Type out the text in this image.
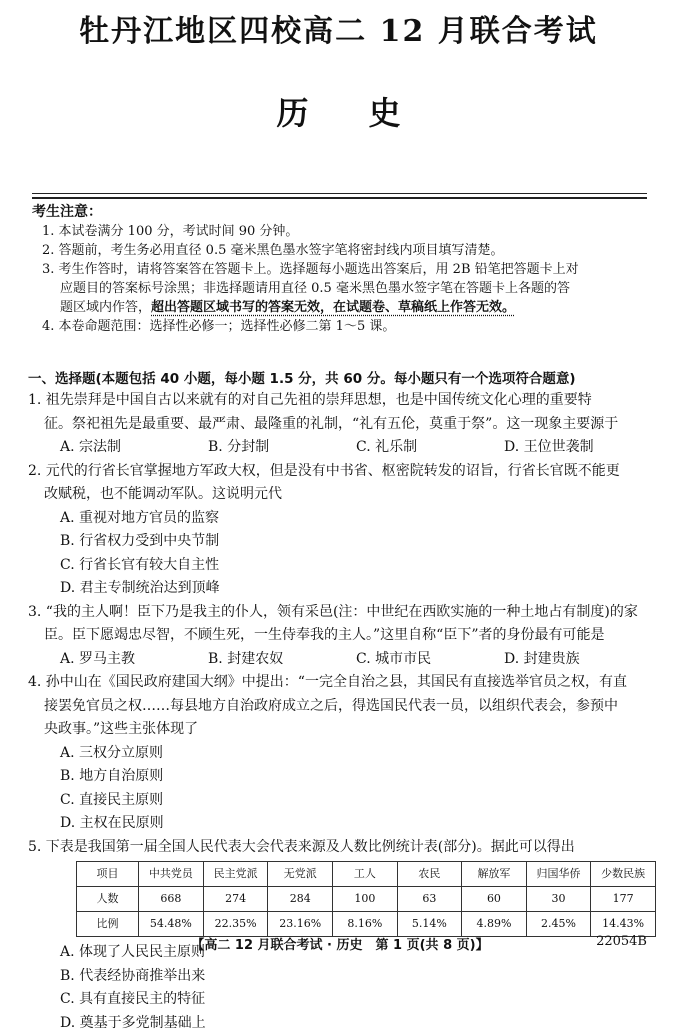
牡丹江地区四校高二 12 月联合考试
历史
考生注意：
1. 本试卷满分 100 分，考试时间 90 分钟。
2. 答题前，考生务必用直径 0.5 毫米黑色墨水签字笔将密封线内项目填写清楚。
3. 考生作答时，请将答案答在答题卡上。选择题每小题选出答案后，用 2B 铅笔把答题卡上对
应题目的答案标号涂黑；非选择题请用直径 0.5 毫米黑色墨水签字笔在答题卡上各题的答
题区域内作答，超出答题区域书写的答案无效，在试题卷、草稿纸上作答无效。
4. 本卷命题范围：选择性必修一；选择性必修二第 1～5 课。
一、选择题(本题包括 40 小题，每小题 1.5 分，共 60 分。每小题只有一个选项符合题意)
1. 祖先崇拜是中国自古以来就有的对自己先祖的崇拜思想，也是中国传统文化心理的重要特
征。祭祀祖先是最重要、最严肃、最隆重的礼制，“礼有五伦，莫重于祭”。这一现象主要源于
A. 宗法制	B. 分封制	C. 礼乐制	D. 王位世袭制
2. 元代的行省长官掌握地方军政大权，但是没有中书省、枢密院转发的诏旨，行省长官既不能更
改赋税，也不能调动军队。这说明元代
A. 重视对地方官员的监察
B. 行省权力受到中央节制
C. 行省长官有较大自主性
D. 君主专制统治达到顶峰
3. “我的主人啊！臣下乃是我主的仆人，领有采邑(注：中世纪在西欧实施的一种土地占有制度)的家
臣。臣下愿竭忠尽智，不顾生死，一生侍奉我的主人。”这里自称“臣下”者的身份最有可能是
A. 罗马主教	B. 封建农奴	C. 城市市民	D. 封建贵族
4. 孙中山在《国民政府建国大纲》中提出：“一完全自治之县，其国民有直接选举官员之权，有直
接罢免官员之权……每县地方自治政府成立之后，得选国民代表一员，以组织代表会，参预中
央政事。”这些主张体现了
A. 三权分立原则
B. 地方自治原则
C. 直接民主原则
D. 主权在民原则
5. 下表是我国第一届全国人民代表大会代表来源及人数比例统计表(部分)。据此可以得出
项目	中共党员	民主党派	无党派	工人	农民	解放军	归国华侨	少数民族
人数	668	274	284	100	63	60	30	177
比例	54.48%	22.35%	23.16%	8.16%	5.14%	4.89%	2.45%	14.43%
A. 体现了人民民主原则
B. 代表经协商推举出来
C. 具有直接民主的特征
D. 奠基于多党制基础上
【高二 12 月联合考试 · 历史　第 1 页(共 8 页)】	22054B
